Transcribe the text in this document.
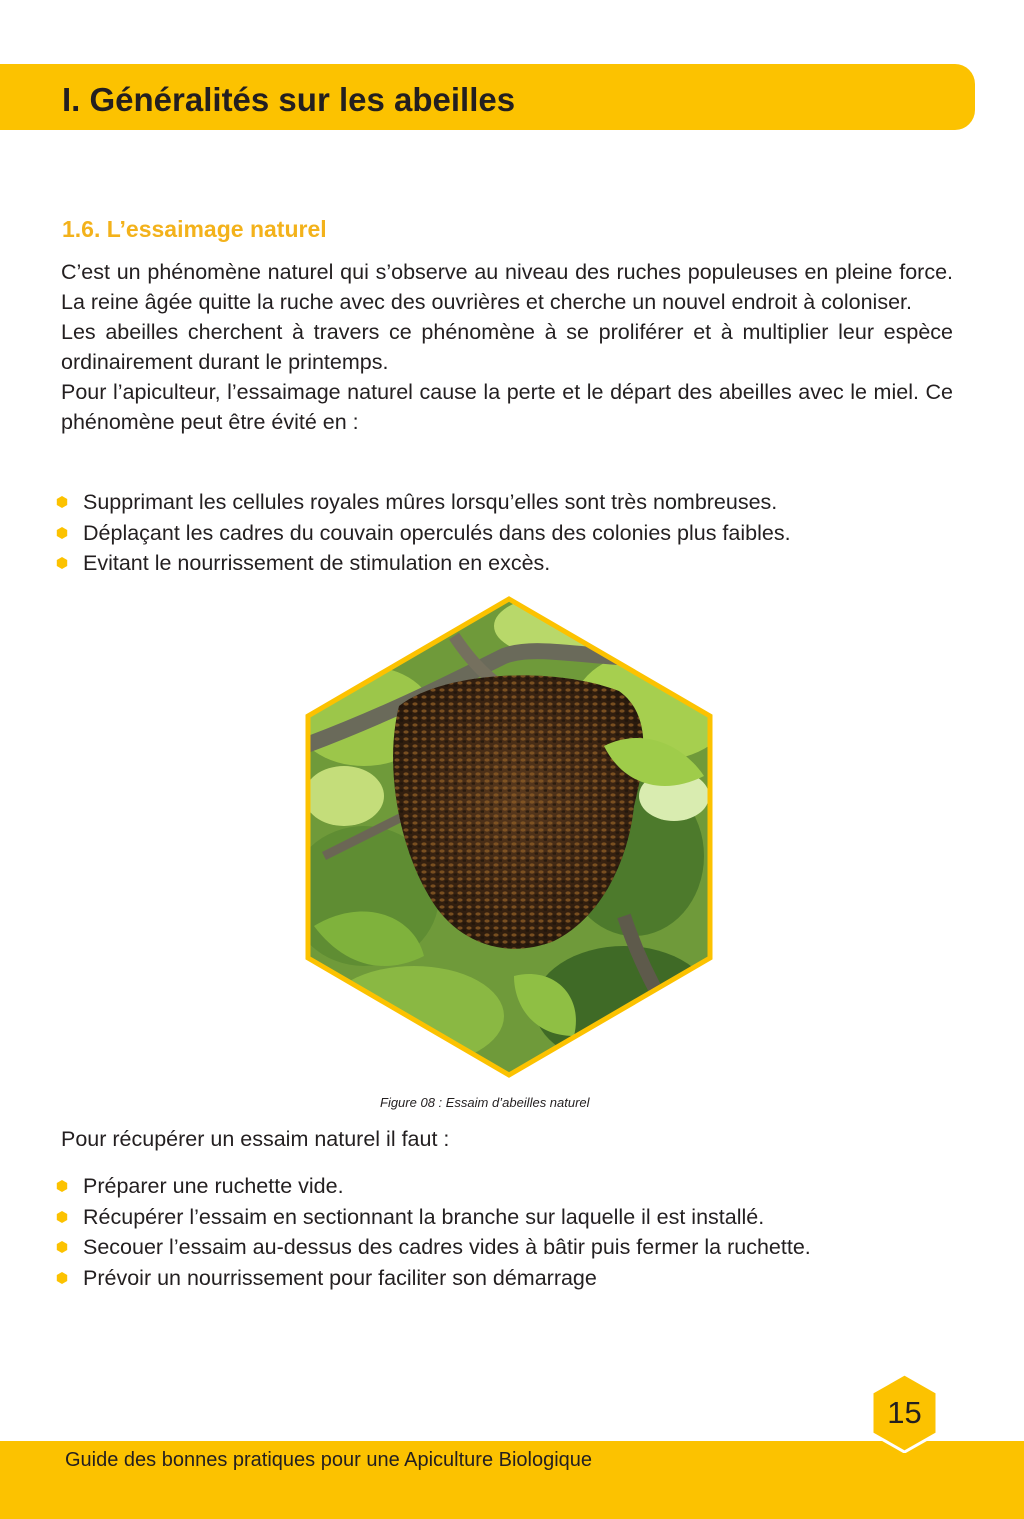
I. Généralités sur les abeilles
1.6. L’essaimage naturel

C’est un phénomène naturel qui s’observe au niveau des ruches populeuses en pleine force. La reine âgée quitte la ruche avec des ouvrières et cherche un nouvel endroit à coloniser.

Les abeilles cherchent à travers ce phénomène à se proliférer et à multiplier leur espèce ordinairement durant le printemps.

Pour l’apiculteur, l’essaimage naturel cause la perte et le départ des abeilles avec le miel. Ce phénomène peut être évité en :

Supprimant les cellules royales mûres lorsqu’elles sont très nombreuses.
Déplaçant les cadres du couvain operculés dans des colonies plus faibles.
Evitant le nourrissement de stimulation en excès.
Figure 08 : Essaim d’abeilles naturel
Pour récupérer un essaim naturel il faut :
Préparer une ruchette vide.
Récupérer l’essaim en sectionnant la branche sur laquelle il est installé.
Secouer l’essaim au-dessus des cadres vides à bâtir puis fermer la ruchette.
Prévoir un nourrissement pour faciliter son démarrage
Guide des bonnes pratiques pour une Apiculture Biologique
15
